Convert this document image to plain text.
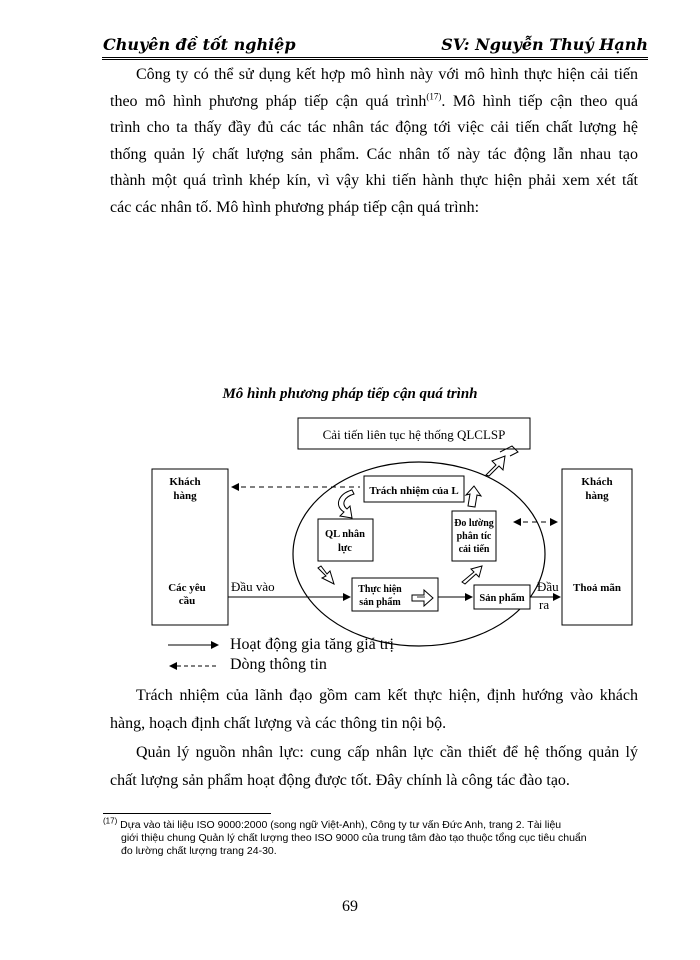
Chuyên đề tốt nghiệp	SV: Nguyễn Thuý Hạnh
Công ty có thể sử dụng kết hợp mô hình này với mô hình thực hiện cải tiến
theo mô hình phương pháp tiếp cận quá trình$^{(17)}$. Mô hình tiếp cận theo quá
trình cho ta thấy đầy đủ các tác nhân tác động tới việc cải tiến chất lượng hệ
thống quản lý chất lượng sản phẩm. Các nhân tố này tác động lẫn nhau tạo
thành một quá trình khép kín, vì vậy khi tiến hành thực hiện phải xem xét tất
các các nhân tố. Mô hình phương pháp tiếp cận quá trình:
Mô hình phương pháp tiếp cận quá trình
Cải tiến liên tục hệ thống QLCLSP
Khách
hàng
Các yêu
cầu
Khách
hàng
Thoả mãn
Trách nhiệm của L
QL nhân
lực
Đo lường
phân tíc
cải tiến
Thực hiện
sản phẩm	Sản phẩm
Đầu vào	Đầu
ra
Hoạt động gia tăng giá trị
Dòng thông tin
Trách nhiệm của lãnh đạo gồm cam kết thực hiện, định hướng vào khách
hàng, hoạch định chất lượng và các thông tin nội bộ.
Quản lý nguồn nhân lực: cung cấp nhân lực cần thiết để hệ thống quản lý
chất lượng sản phẩm hoạt động được tốt. Đây chính là công tác đào tạo.
$^{(17)}$ Dựa vào tài liệu ISO 9000:2000 (song ngữ Việt-Anh), Công ty tư vấn Đức Anh, trang 2. Tài liệu
giới thiệu chung Quản lý chất lượng theo ISO 9000 của trung tâm đào tạo thuộc tổng cục tiêu chuẩn
đo lường chất lượng trang 24-30.
69
